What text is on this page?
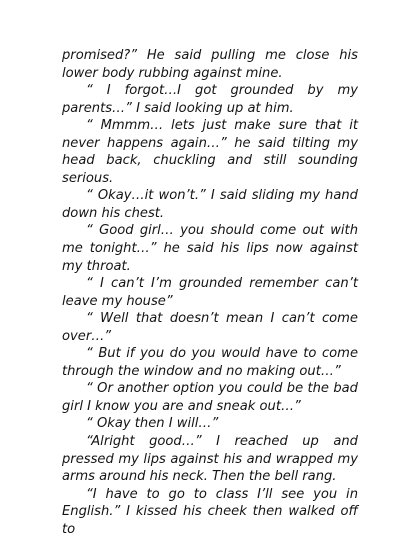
promised?” He said pulling me close his lower body rubbing against mine.

“ I forgot…I got grounded by my parents…” I said looking up at him.

“ Mmmm… lets just make sure that it never happens again…” he said tilting my head back, chuckling and still sounding serious.

“ Okay…it won’t.” I said sliding my hand down his chest.

“ Good girl… you should come out with me tonight…” he said his lips now against my throat.

“ I can’t I’m grounded remember can’t leave my house”

“ Well that doesn’t mean I can’t come over…”

“ But if you do you would have to come through the window and no making out…”

“ Or another option you could be the bad girl I know you are and sneak out…”

“ Okay then I will…”

“Alright good…” I reached up and pressed my lips against his and wrapped my arms around his neck. Then the bell rang.

“I have to go to class I’ll see you in English.” I kissed his cheek then walked off to
